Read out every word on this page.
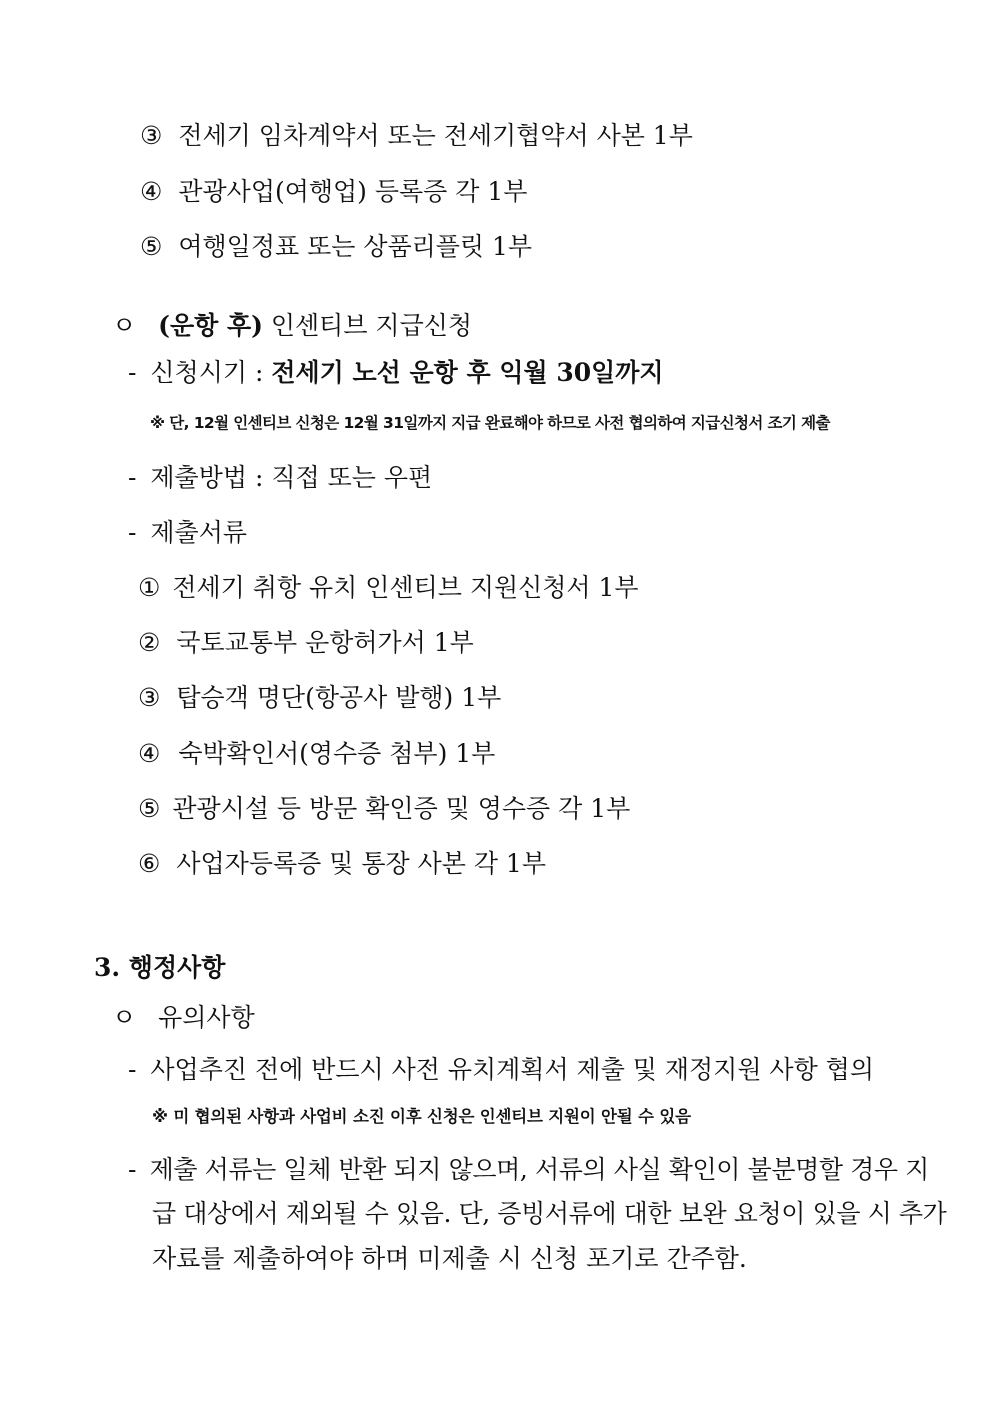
③ 전세기 임차계약서 또는 전세기협약서 사본 1부
④ 관광사업(여행업) 등록증 각 1부
⑤ 여행일정표 또는 상품리플릿 1부
ㅇ (운항 후) 인센티브 지급신청
- 신청시기 : 전세기 노선 운항 후 익월 30일까지
※ 단, 12월 인센티브 신청은 12월 31일까지 지급 완료해야 하므로 사전 협의하여 지급신청서 조기 제출
- 제출방법 : 직접 또는 우편
- 제출서류
① 전세기 취항 유치 인센티브 지원신청서 1부
② 국토교통부 운항허가서 1부
③ 탑승객 명단(항공사 발행) 1부
④ 숙박확인서(영수증 첨부) 1부
⑤ 관광시설 등 방문 확인증 및 영수증 각 1부
⑥ 사업자등록증 및 통장 사본 각 1부
3. 행정사항
ㅇ 유의사항
- 사업추진 전에 반드시 사전 유치계획서 제출 및 재정지원 사항 협의
※ 미 협의된 사항과 사업비 소진 이후 신청은 인센티브 지원이 안될 수 있음
- 제출 서류는 일체 반환 되지 않으며, 서류의 사실 확인이 불분명할 경우 지
급 대상에서 제외될 수 있음. 단, 증빙서류에 대한 보완 요청이 있을 시 추가
자료를 제출하여야 하며 미제출 시 신청 포기로 간주함.
